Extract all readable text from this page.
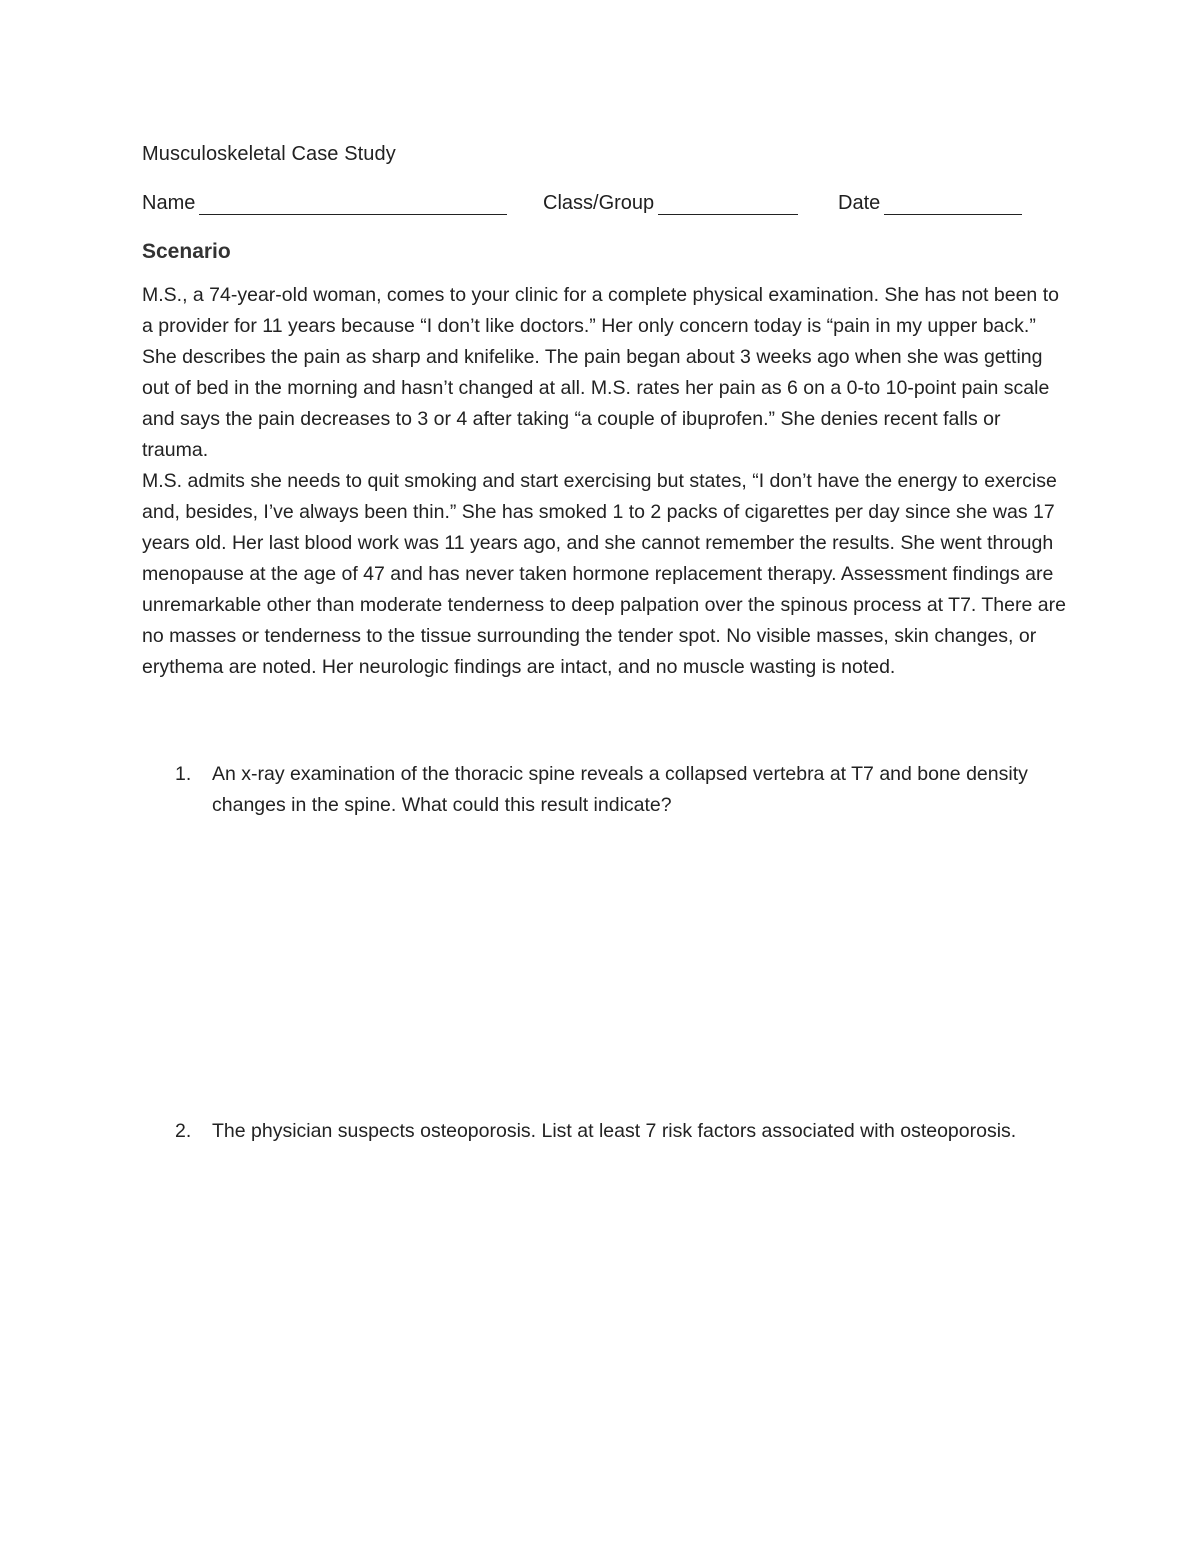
Musculoskeletal Case Study
Name	Class/Group	Date
Scenario

M.S., a 74-year-old woman, comes to your clinic for a complete physical examination. She has not been to a provider for 11 years because “I don’t like doctors.” Her only concern today is “pain in my upper back.” She describes the pain as sharp and knifelike. The pain began about 3 weeks ago when she was getting out of bed in the morning and hasn’t changed at all. M.S. rates her pain as 6 on a 0-to 10-point pain scale and says the pain decreases to 3 or 4 after taking “a couple of ibuprofen.” She denies recent falls or trauma.

M.S. admits she needs to quit smoking and start exercising but states, “I don’t have the energy to exercise and, besides, I’ve always been thin.” She has smoked 1 to 2 packs of cigarettes per day since she was 17 years old. Her last blood work was 11 years ago, and she cannot remember the results. She went through menopause at the age of 47 and has never taken hormone replacement therapy. Assessment findings are unremarkable other than moderate tenderness to deep palpation over the spinous process at T7. There are no masses or tenderness to the tissue surrounding the tender spot. No visible masses, skin changes, or erythema are noted. Her neurologic findings are intact, and no muscle wasting is noted.

1.	An x-ray examination of the thoracic spine reveals a collapsed vertebra at T7 and bone density changes in the spine. What could this result indicate?
2.	The physician suspects osteoporosis. List at least 7 risk factors associated with osteoporosis.
